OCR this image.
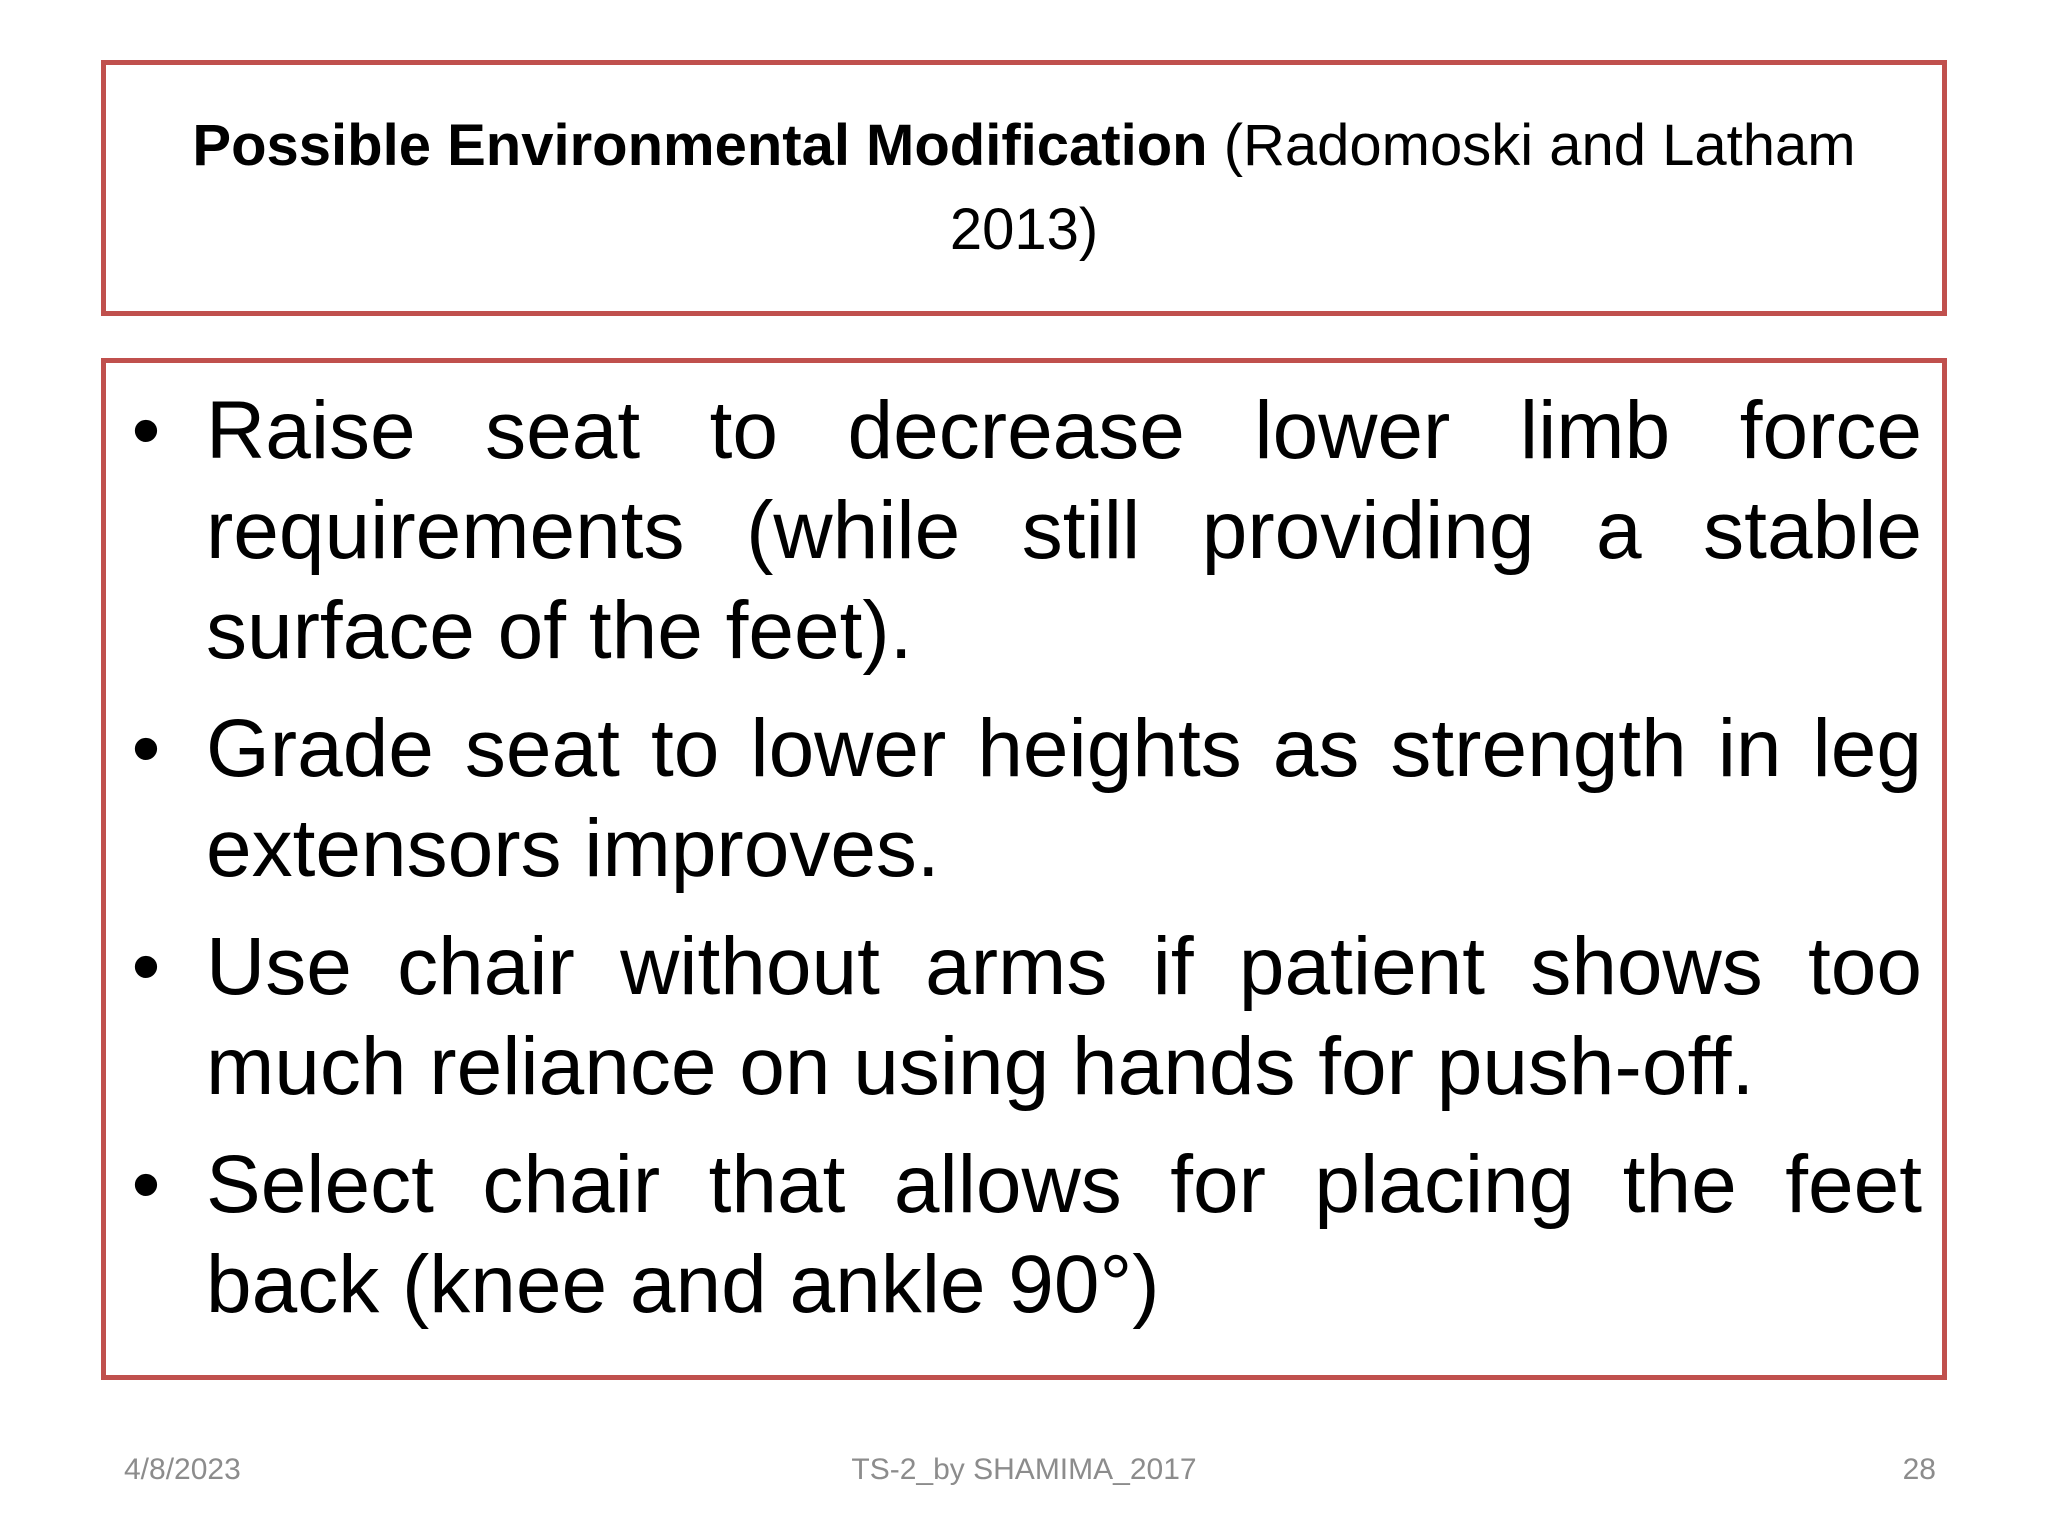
Possible Environmental Modification (Radomoski and Latham 2013)
• Raise seat to decrease lower limb force requirements (while still providing a stable surface of the feet).
• Grade seat to lower heights as strength in leg extensors improves.
• Use chair without arms if patient shows too much reliance on using hands for push-off.
• Select chair that allows for placing the feet back (knee and ankle 90°)
4/8/2023	TS-2_by SHAMIMA_2017	28
